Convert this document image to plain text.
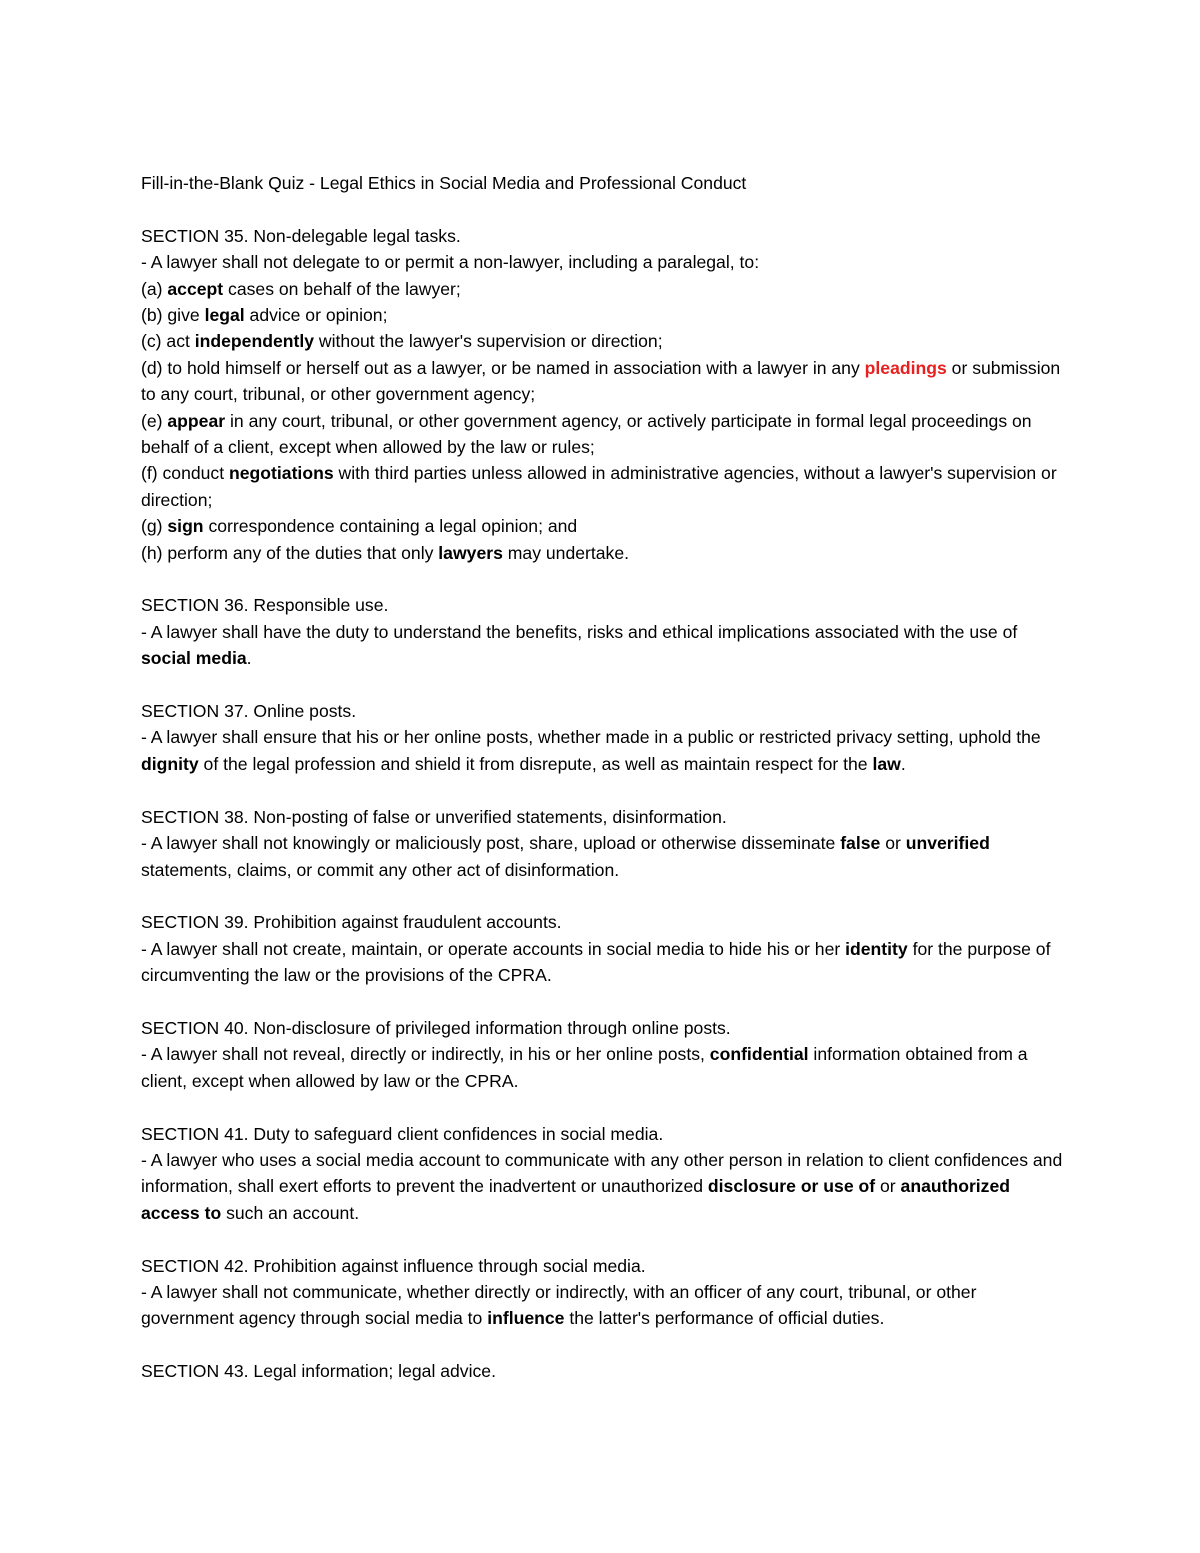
Fill-in-the-Blank Quiz - Legal Ethics in Social Media and Professional Conduct
SECTION 35. Non-delegable legal tasks.
- A lawyer shall not delegate to or permit a non-lawyer, including a paralegal, to:
(a) accept cases on behalf of the lawyer;
(b) give legal advice or opinion;
(c) act independently without the lawyer's supervision or direction;
(d) to hold himself or herself out as a lawyer, or be named in association with a lawyer in any pleadings or submission to any court, tribunal, or other government agency;
(e) appear in any court, tribunal, or other government agency, or actively participate in formal legal proceedings on behalf of a client, except when allowed by the law or rules;
(f) conduct negotiations with third parties unless allowed in administrative agencies, without a lawyer's supervision or direction;
(g) sign correspondence containing a legal opinion; and
(h) perform any of the duties that only lawyers may undertake.
SECTION 36. Responsible use.
- A lawyer shall have the duty to understand the benefits, risks and ethical implications associated with the use of social media.
SECTION 37. Online posts.
- A lawyer shall ensure that his or her online posts, whether made in a public or restricted privacy setting, uphold the dignity of the legal profession and shield it from disrepute, as well as maintain respect for the law.
SECTION 38. Non-posting of false or unverified statements, disinformation.
- A lawyer shall not knowingly or maliciously post, share, upload or otherwise disseminate false or unverified statements, claims, or commit any other act of disinformation.
SECTION 39. Prohibition against fraudulent accounts.
- A lawyer shall not create, maintain, or operate accounts in social media to hide his or her identity for the purpose of circumventing the law or the provisions of the CPRA.
SECTION 40. Non-disclosure of privileged information through online posts.
- A lawyer shall not reveal, directly or indirectly, in his or her online posts, confidential information obtained from a client, except when allowed by law or the CPRA.
SECTION 41. Duty to safeguard client confidences in social media.
- A lawyer who uses a social media account to communicate with any other person in relation to client confidences and information, shall exert efforts to prevent the inadvertent or unauthorized disclosure or use of or anauthorized access to such an account.
SECTION 42. Prohibition against influence through social media.
- A lawyer shall not communicate, whether directly or indirectly, with an officer of any court, tribunal, or other government agency through social media to influence the latter's performance of official duties.
SECTION 43. Legal information; legal advice.
